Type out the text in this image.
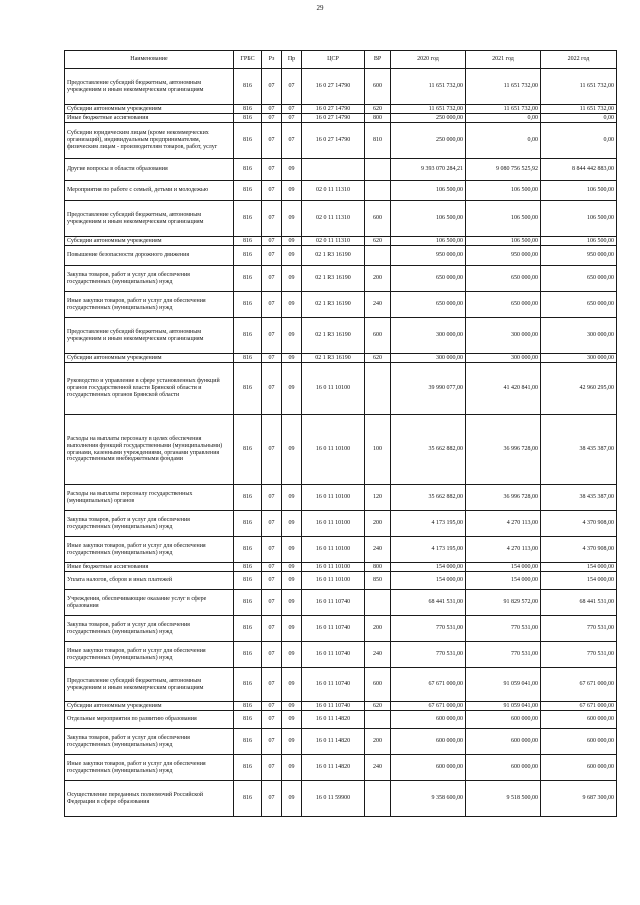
29
Наименование	ГРБС	Рз	Пр	ЦСР	ВР	2020 год	2021 год	2022 год
Предоставление субсидий бюджетным, автономным учреждениям и иным некоммерческим организациям	816	07	07	16 0 27 14790	600	11 651 732,00	11 651 732,00	11 651 732,00
Субсидии автономным учреждениям	816	07	07	16 0 27 14790	620	11 651 732,00	11 651 732,00	11 651 732,00
Иные бюджетные ассигнования	816	07	07	16 0 27 14790	800	250 000,00	0,00	0,00
Субсидии юридическим лицам (кроме некоммерческих организаций), индивидуальным предпринимателям, физическим лицам - производителям товаров, работ, услуг	816	07	07	16 0 27 14790	810	250 000,00	0,00	0,00
Другие вопросы в области образования	816	07	09			9 393 070 284,21	9 080 756 525,92	8 844 442 883,00
Мероприятия по работе с семьей, детьми и молодежью	816	07	09	02 0 11 11310		106 500,00	106 500,00	106 500,00
Предоставление субсидий бюджетным, автономным учреждениям и иным некоммерческим организациям	816	07	09	02 0 11 11310	600	106 500,00	106 500,00	106 500,00
Субсидии автономным учреждениям	816	07	09	02 0 11 11310	620	106 500,00	106 500,00	106 500,00
Повышение безопасности дорожного движения	816	07	09	02 1 R3 16190		950 000,00	950 000,00	950 000,00
Закупка товаров, работ и услуг для обеспечения государственных (муниципальных) нужд	816	07	09	02 1 R3 16190	200	650 000,00	650 000,00	650 000,00
Иные закупки товаров, работ и услуг для обеспечения государственных (муниципальных) нужд	816	07	09	02 1 R3 16190	240	650 000,00	650 000,00	650 000,00
Предоставление субсидий бюджетным, автономным учреждениям и иным некоммерческим организациям	816	07	09	02 1 R3 16190	600	300 000,00	300 000,00	300 000,00
Субсидии автономным учреждениям	816	07	09	02 1 R3 16190	620	300 000,00	300 000,00	300 000,00
Руководство и управление в сфере установленных функций органов государственной власти Брянской области и государственных органов Брянской области	816	07	09	16 0 11 10100		39 990 077,00	41 420 841,00	42 960 295,00
Расходы на выплаты персоналу в целях обеспечения выполнения функций государственными (муниципальными) органами, казенными учреждениями, органами управления государственными внебюджетными фондами	816	07	09	16 0 11 10100	100	35 662 882,00	36 996 728,00	38 435 387,00
Расходы на выплаты персоналу государственных (муниципальных) органов	816	07	09	16 0 11 10100	120	35 662 882,00	36 996 728,00	38 435 387,00
Закупка товаров, работ и услуг для обеспечения государственных (муниципальных) нужд	816	07	09	16 0 11 10100	200	4 173 195,00	4 270 113,00	4 370 908,00
Иные закупки товаров, работ и услуг для обеспечения государственных (муниципальных) нужд	816	07	09	16 0 11 10100	240	4 173 195,00	4 270 113,00	4 370 908,00
Иные бюджетные ассигнования	816	07	09	16 0 11 10100	800	154 000,00	154 000,00	154 000,00
Уплата налогов, сборов и иных платежей	816	07	09	16 0 11 10100	850	154 000,00	154 000,00	154 000,00
Учреждения, обеспечивающие оказание услуг в сфере образования	816	07	09	16 0 11 10740		68 441 531,00	91 829 572,00	68 441 531,00
Закупка товаров, работ и услуг для обеспечения государственных (муниципальных) нужд	816	07	09	16 0 11 10740	200	770 531,00	770 531,00	770 531,00
Иные закупки товаров, работ и услуг для обеспечения государственных (муниципальных) нужд	816	07	09	16 0 11 10740	240	770 531,00	770 531,00	770 531,00
Предоставление субсидий бюджетным, автономным учреждениям и иным некоммерческим организациям	816	07	09	16 0 11 10740	600	67 671 000,00	91 059 041,00	67 671 000,00
Субсидии автономным учреждениям	816	07	09	16 0 11 10740	620	67 671 000,00	91 059 041,00	67 671 000,00
Отдельные мероприятия по развитию образования	816	07	09	16 0 11 14820		600 000,00	600 000,00	600 000,00
Закупка товаров, работ и услуг для обеспечения государственных (муниципальных) нужд	816	07	09	16 0 11 14820	200	600 000,00	600 000,00	600 000,00
Иные закупки товаров, работ и услуг для обеспечения государственных (муниципальных) нужд	816	07	09	16 0 11 14820	240	600 000,00	600 000,00	600 000,00
Осуществление переданных полномочий Российской Федерации в сфере образования	816	07	09	16 0 11 59900		9 358 600,00	9 518 500,00	9 687 300,00
